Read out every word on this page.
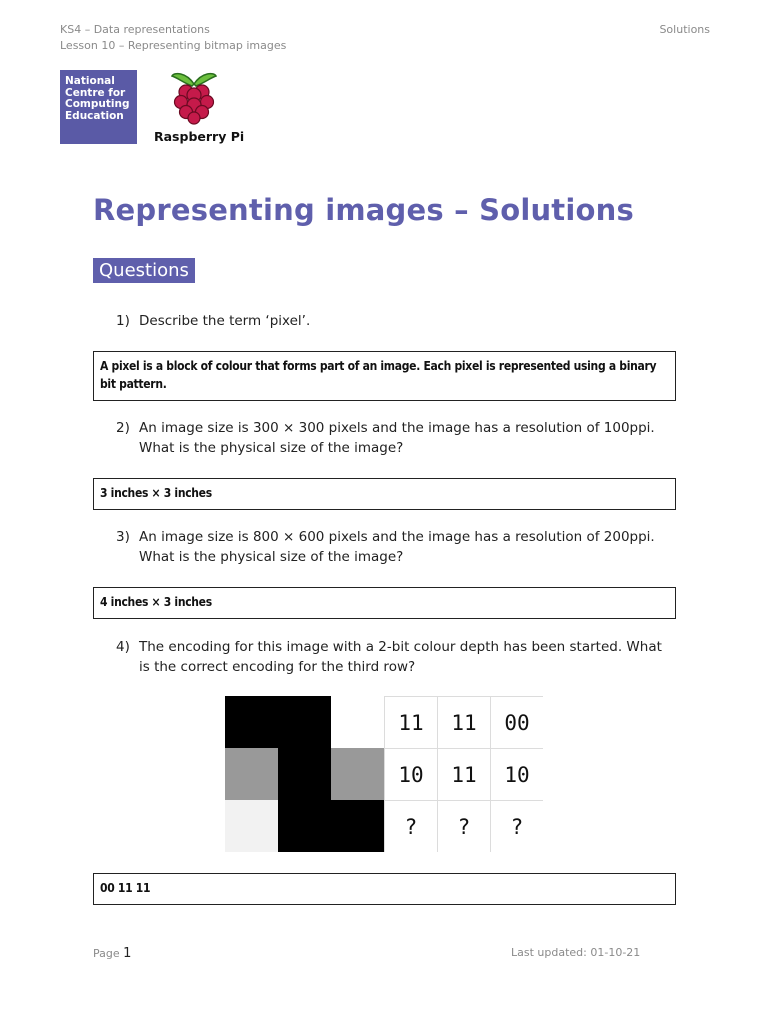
KS4 – Data representations
Lesson 10 – Representing bitmap images
Solutions
National
Centre for
Computing
Education
Raspberry Pi
Representing images – Solutions
Questions
1) Describe the term ‘pixel’.
A pixel is a block of colour that forms part of an image. Each pixel is represented using a binary bit pattern.
2) An image size is 300 × 300 pixels and the image has a resolution of 100ppi. What is the physical size of the image?
3 inches × 3 inches
3) An image size is 800 × 600 pixels and the image has a resolution of 200ppi. What is the physical size of the image?
4 inches × 3 inches
4) The encoding for this image with a 2-bit colour depth has been started. What is the correct encoding for the third row?
11	11	00
10	11	10
?	?	?
00 11 11
Page 1	Last updated: 01-10-21
